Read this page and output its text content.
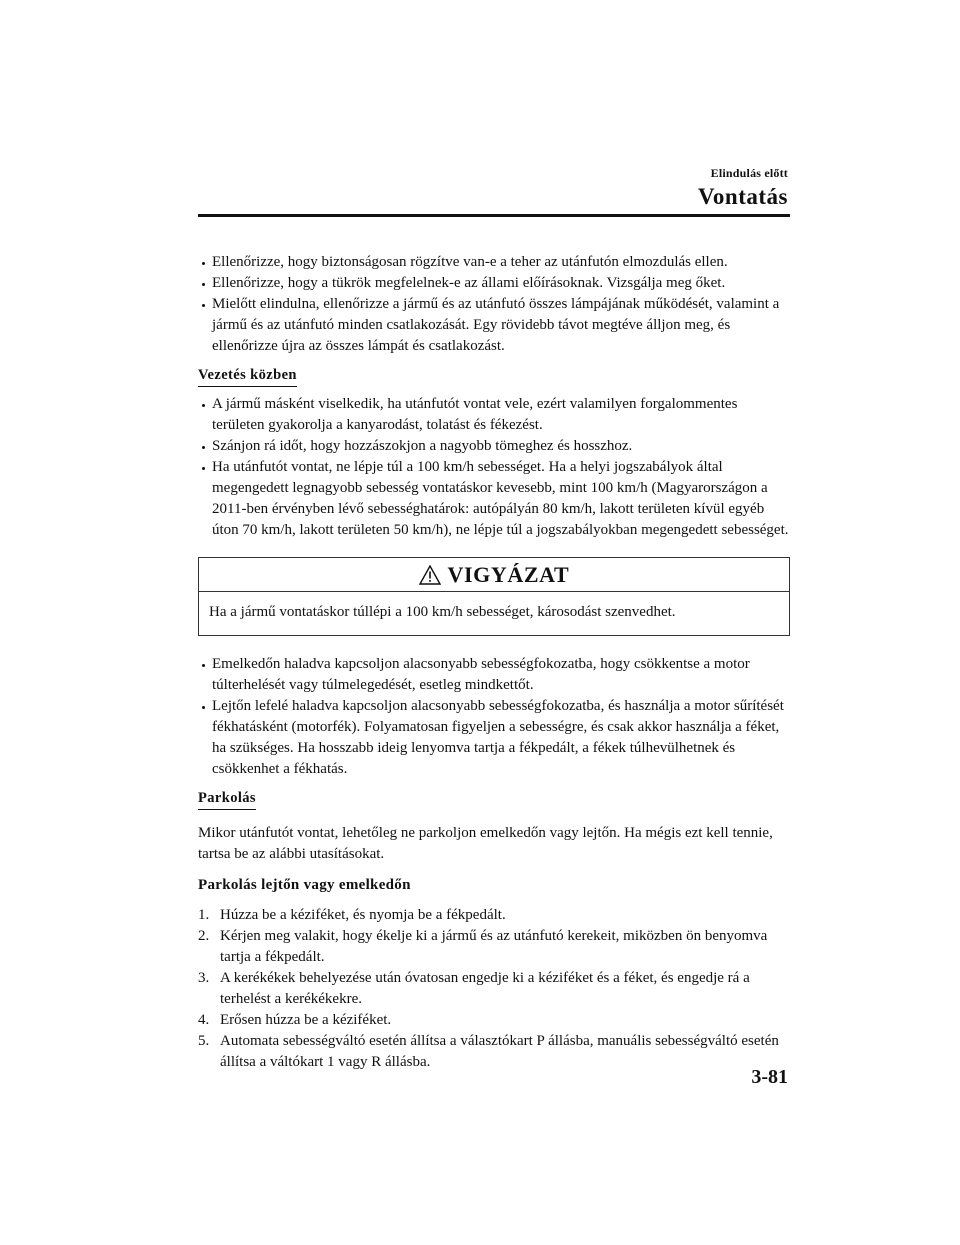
Elindulás előtt
Vontatás
Ellenőrizze, hogy biztonságosan rögzítve van-e a teher az utánfutón elmozdulás ellen.
Ellenőrizze, hogy a tükrök megfelelnek-e az állami előírásoknak. Vizsgálja meg őket.
Mielőtt elindulna, ellenőrizze a jármű és az utánfutó összes lámpájának működését, valamint a jármű és az utánfutó minden csatlakozását. Egy rövidebb távot megtéve álljon meg, és ellenőrizze újra az összes lámpát és csatlakozást.
Vezetés közben
A jármű másként viselkedik, ha utánfutót vontat vele, ezért valamilyen forgalommentes területen gyakorolja a kanyarodást, tolatást és fékezést.
Szánjon rá időt, hogy hozzászokjon a nagyobb tömeghez és hosszhoz.
Ha utánfutót vontat, ne lépje túl a 100 km/h sebességet. Ha a helyi jogszabályok által megengedett legnagyobb sebesség vontatáskor kevesebb, mint 100 km/h (Magyarországon a 2011-ben érvényben lévő sebességhatárok: autópályán 80 km/h, lakott területen kívül egyéb úton 70 km/h, lakott területen 50 km/h), ne lépje túl a jogszabályokban megengedett sebességet.
VIGYÁZAT
Ha a jármű vontatáskor túllépi a 100 km/h sebességet, károsodást szenvedhet.
Emelkedőn haladva kapcsoljon alacsonyabb sebességfokozatba, hogy csökkentse a motor túlterhelését vagy túlmelegedését, esetleg mindkettőt.
Lejtőn lefelé haladva kapcsoljon alacsonyabb sebességfokozatba, és használja a motor sűrítését fékhatásként (motorfék). Folyamatosan figyeljen a sebességre, és csak akkor használja a féket, ha szükséges. Ha hosszabb ideig lenyomva tartja a fékpedált, a fékek túlhevülhetnek és csökkenhet a fékhatás.
Parkolás
Mikor utánfutót vontat, lehetőleg ne parkoljon emelkedőn vagy lejtőn. Ha mégis ezt kell tennie, tartsa be az alábbi utasításokat.
Parkolás lejtőn vagy emelkedőn
1. Húzza be a kéziféket, és nyomja be a fékpedált.
2. Kérjen meg valakit, hogy ékelje ki a jármű és az utánfutó kerekeit, miközben ön benyomva tartja a fékpedált.
3. A kerékékek behelyezése után óvatosan engedje ki a kéziféket és a féket, és engedje rá a terhelést a kerékékekre.
4. Erősen húzza be a kéziféket.
5. Automata sebességváltó esetén állítsa a választókart P állásba, manuális sebességváltó esetén állítsa a váltókart 1 vagy R állásba.
3-81
